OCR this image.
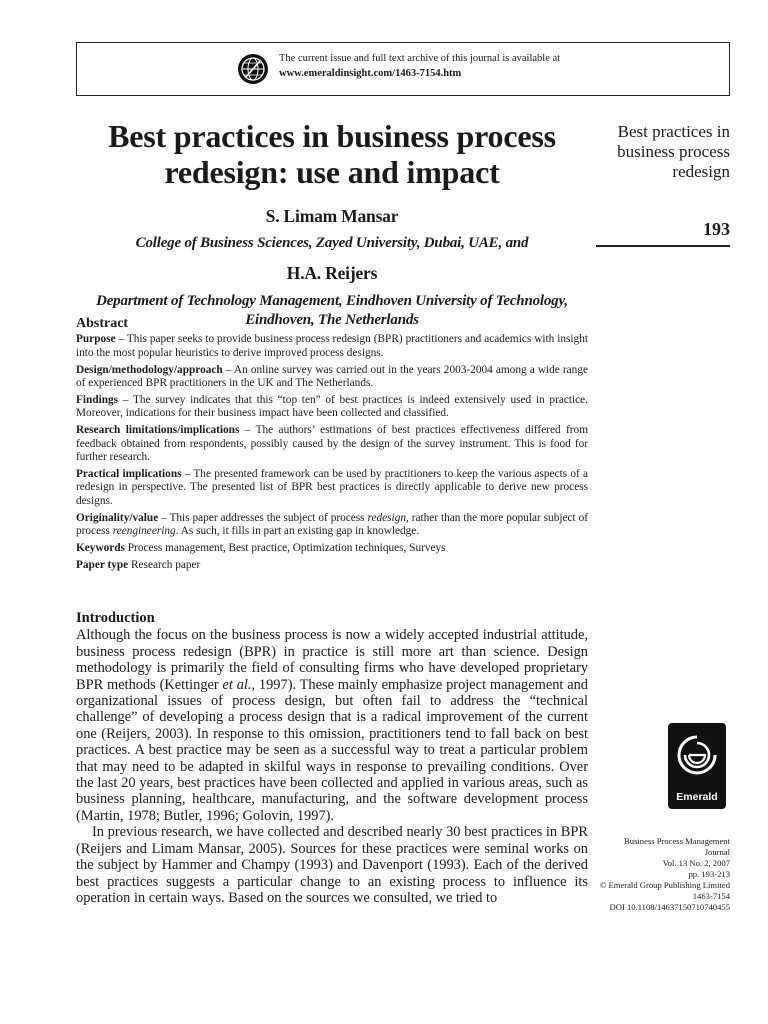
The current issue and full text archive of this journal is available at
www.emeraldinsight.com/1463-7154.htm
Best practices in business process
redesign: use and impact
S. Limam Mansar
College of Business Sciences, Zayed University, Dubai, UAE, and
H.A. Reijers
Department of Technology Management, Eindhoven University of Technology,
Eindhoven, The Netherlands
Best practices in
business process
redesign
193
Abstract

Purpose – This paper seeks to provide business process redesign (BPR) practitioners and academics with insight into the most popular heuristics to derive improved process designs.

Design/methodology/approach – An online survey was carried out in the years 2003-2004 among a wide range of experienced BPR practitioners in the UK and The Netherlands.

Findings – The survey indicates that this “top ten” of best practices is indeed extensively used in practice. Moreover, indications for their business impact have been collected and classified.

Research limitations/implications – The authors’ estimations of best practices effectiveness differed from feedback obtained from respondents, possibly caused by the design of the survey instrument. This is food for further research.

Practical implications – The presented framework can be used by practitioners to keep the various aspects of a redesign in perspective. The presented list of BPR best practices is directly applicable to derive new process designs.

Originality/value – This paper addresses the subject of process redesign, rather than the more popular subject of process reengineering. As such, it fills in part an existing gap in knowledge.

Keywords Process management, Best practice, Optimization techniques, Surveys

Paper type Research paper

Introduction

Although the focus on the business process is now a widely accepted industrial attitude, business process redesign (BPR) in practice is still more art than science. Design methodology is primarily the field of consulting firms who have developed proprietary BPR methods (Kettinger et al., 1997). These mainly emphasize project management and organizational issues of process design, but often fail to address the “technical challenge” of developing a process design that is a radical improvement of the current one (Reijers, 2003). In response to this omission, practitioners tend to fall back on best practices. A best practice may be seen as a successful way to treat a particular problem that may need to be adapted in skilful ways in response to prevailing conditions. Over the last 20 years, best practices have been collected and applied in various areas, such as business planning, healthcare, manufacturing, and the software development process (Martin, 1978; Butler, 1996; Golovin, 1997).

In previous research, we have collected and described nearly 30 best practices in BPR (Reijers and Limam Mansar, 2005). Sources for these practices were seminal works on the subject by Hammer and Champy (1993) and Davenport (1993). Each of the derived best practices suggests a particular change to an existing process to influence its operation in certain ways. Based on the sources we consulted, we tried to

Emerald
Business Process Management
Journal
Vol. 13 No. 2, 2007
pp. 193-213
© Emerald Group Publishing Limited
1463-7154
DOI 10.1108/14637150710740455
